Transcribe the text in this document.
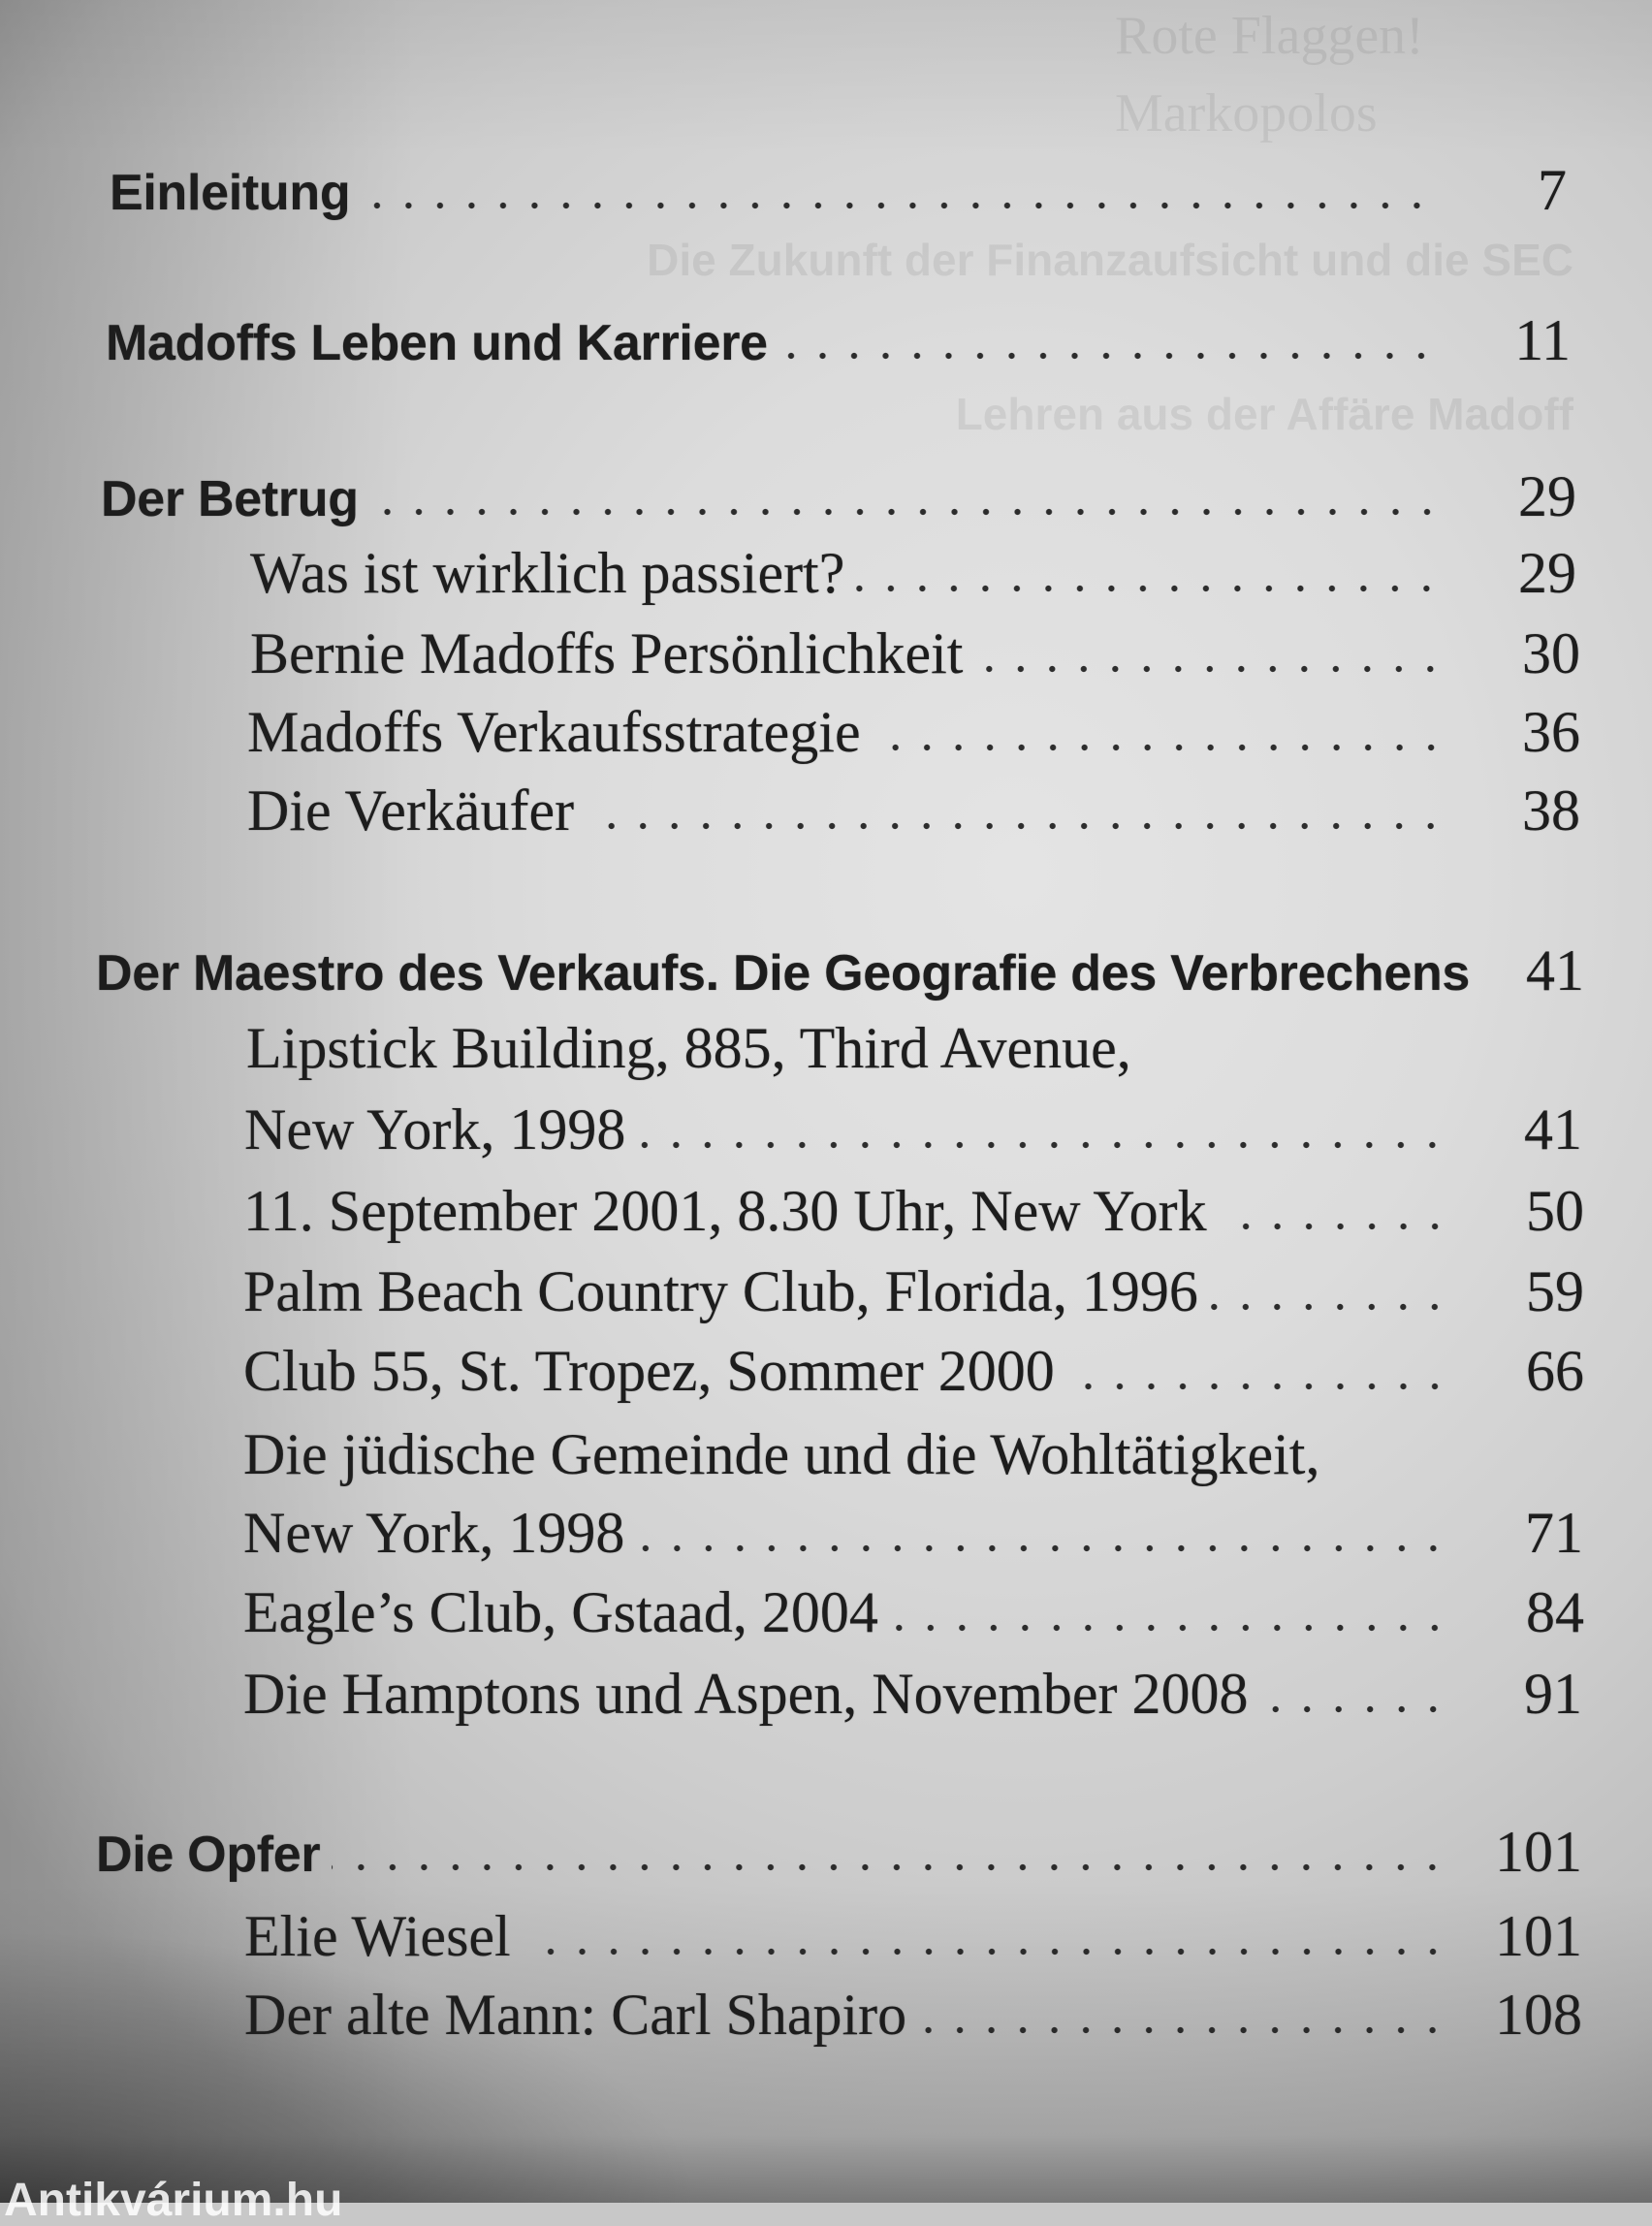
Rote Flaggen!
Markopolos
Die Zukunft der Finanzaufsicht und die SEC
Lehren aus der Affäre Madoff
Einleitung	7
Madoffs Leben und Karriere	11
Der Betrug	29
Was ist wirklich passiert?	29
Bernie Madoffs Persönlichkeit	30
Madoffs Verkaufsstrategie	36
Die Verkäufer	38
Der Maestro des Verkaufs. Die Geografie des Verbrechens 41
Lipstick Building, 885, Third Avenue,
New York, 1998	41
11. September 2001, 8.30 Uhr, New York	50
Palm Beach Country Club, Florida, 1996	59
Club 55, St. Tropez, Sommer 2000	66
Die jüdische Gemeinde und die Wohltätigkeit,
New York, 1998	71
Eagle’s Club, Gstaad, 2004	84
Die Hamptons und Aspen, November 2008	91
Die Opfer	101
Elie Wiesel	101
Der alte Mann: Carl Shapiro	108
Antikvárium.hu
